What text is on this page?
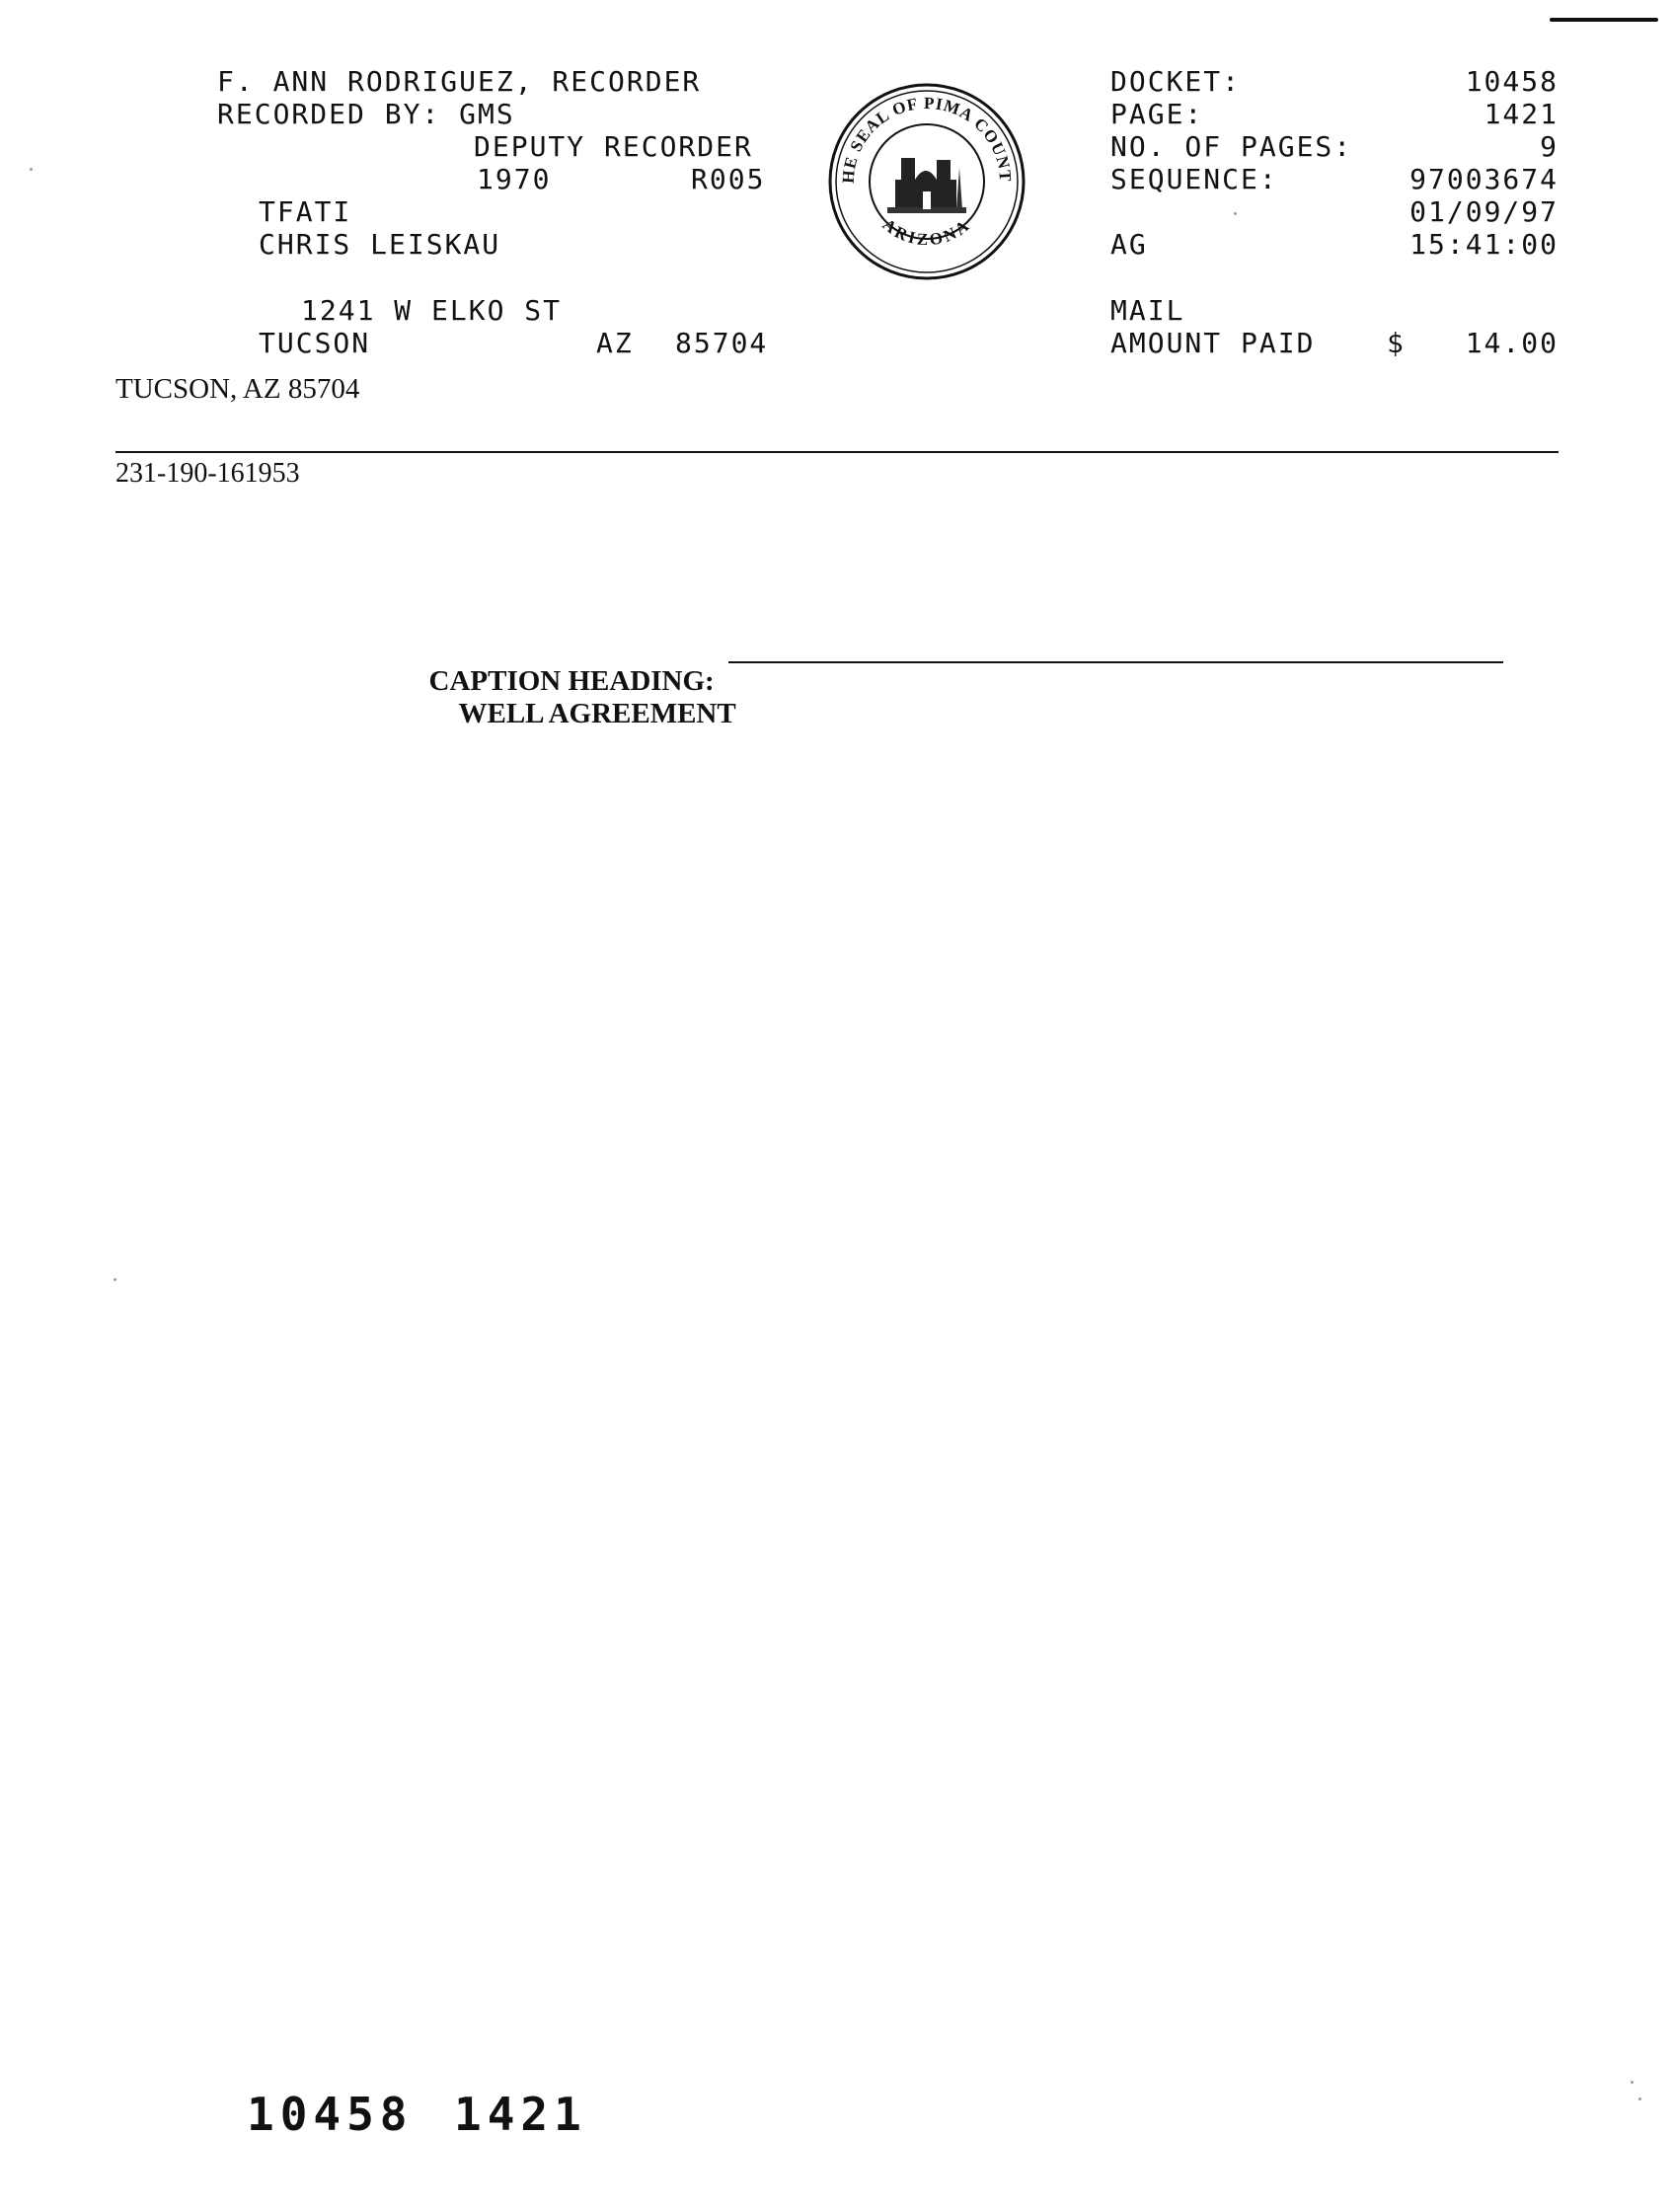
F. ANN RODRIGUEZ, RECORDER
RECORDED BY: GMS
DEPUTY RECORDER
1970	R005
TFATI
CHRIS LEISKAU
1241 W ELKO ST
TUCSON	AZ 85704

HE SEAL OF PIMA COUNT
ARIZONA

DOCKET:	10458
PAGE:	1421
NO. OF PAGES:	9
SEQUENCE:	97003674
01/09/97
AG	15:41:00
MAIL
AMOUNT PAID	$ 14.00
TUCSON, AZ 85704
231-190-161953

CAPTION HEADING:
WELL AGREEMENT

10458 1421
